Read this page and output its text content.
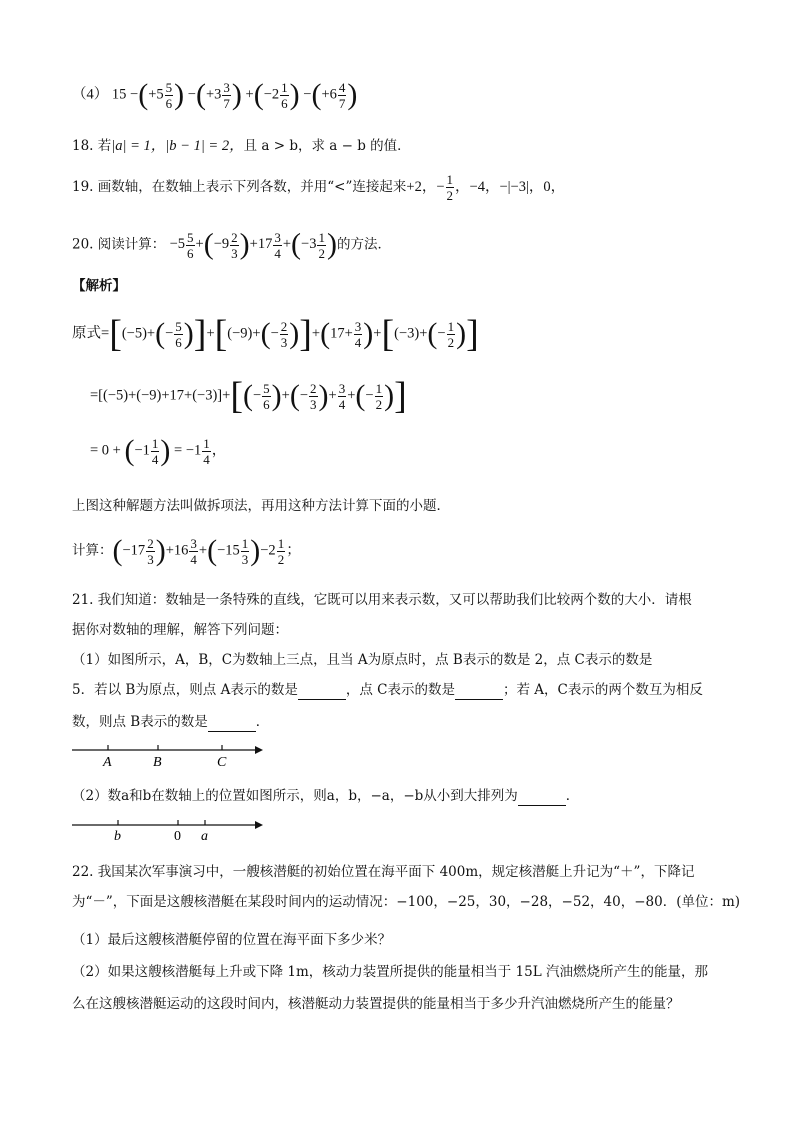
（4） $15 -(+5 \frac{5}{6}$ ) $-(+3 \frac{3}{7}$ ) $+(-2 \frac{1}{6}$ ) $-(+6 \frac{4}{7}$ )
18. 若|a| = 1，|b − 1| = 2，且 a > b，求 a − b 的值．
19. 画数轴，在数轴上表示下列各数，并用“<”连接起来+2，− $\frac{1}{2}$ ，−4，−|−3|，0，
20. 阅读计算： $-5 \frac{5}{6} +(-9 \frac{2}{3} )+17 \frac{3}{4} +(-3 \frac{1}{2}$ )的方法．
【解析】
原式$=[(-5)+(- \frac{5}{6} )]+[(-9)+(- \frac{2}{3} )]+(17+ \frac{3}{4} )+[(-3)+(- \frac{1}{2}$ )]
$=[(-5)+(-9)+17+(-3)]+[(- \frac{5}{6}$ )+(− $\frac{2}{3}$ )+ $\frac{3}{4}$ +(− $\frac{1}{2}$ )]
= $0 + (-1 \frac{1}{4}$ ) = $-1 \frac{1}{4}$ ，
上图这种解题方法叫做拆项法，再用这种方法计算下面的小题．
计算：$(-17 \frac{2}{3} )+16 \frac{3}{4} +(-15 \frac{1}{3} )-2 \frac{1}{2}$ ；
21. 我们知道：数轴是一条特殊的直线，它既可以用来表示数，又可以帮助我们比较两个数的大小．请根
据你对数轴的理解，解答下列问题：
（1）如图所示，A，B，C为数轴上三点，且当 A为原点时，点 B表示的数是 2，点 C表示的数是
5．若以 B为原点，则点 A表示的数是	，点 C表示的数是	；若 A，C表示的两个数互为相反
数，则点 B表示的数是	．
A	B	C
（2）数a和b在数轴上的位置如图所示，则a，b，−a，−b从小到大排列为	．
b	0 a
22. 我国某次军事演习中，一艘核潜艇的初始位置在海平面下 400m，规定核潜艇上升记为“＋”，下降记
为“－”，下面是这艘核潜艇在某段时间内的运动情况：−100，−25，30，−28，−52，40，−80．(单位：m)
（1）最后这艘核潜艇停留的位置在海平面下多少米？
（2）如果这艘核潜艇每上升或下降 1m，核动力装置所提供的能量相当于 15L 汽油燃烧所产生的能量，那
么在这艘核潜艇运动的这段时间内，核潜艇动力装置提供的能量相当于多少升汽油燃烧所产生的能量？
